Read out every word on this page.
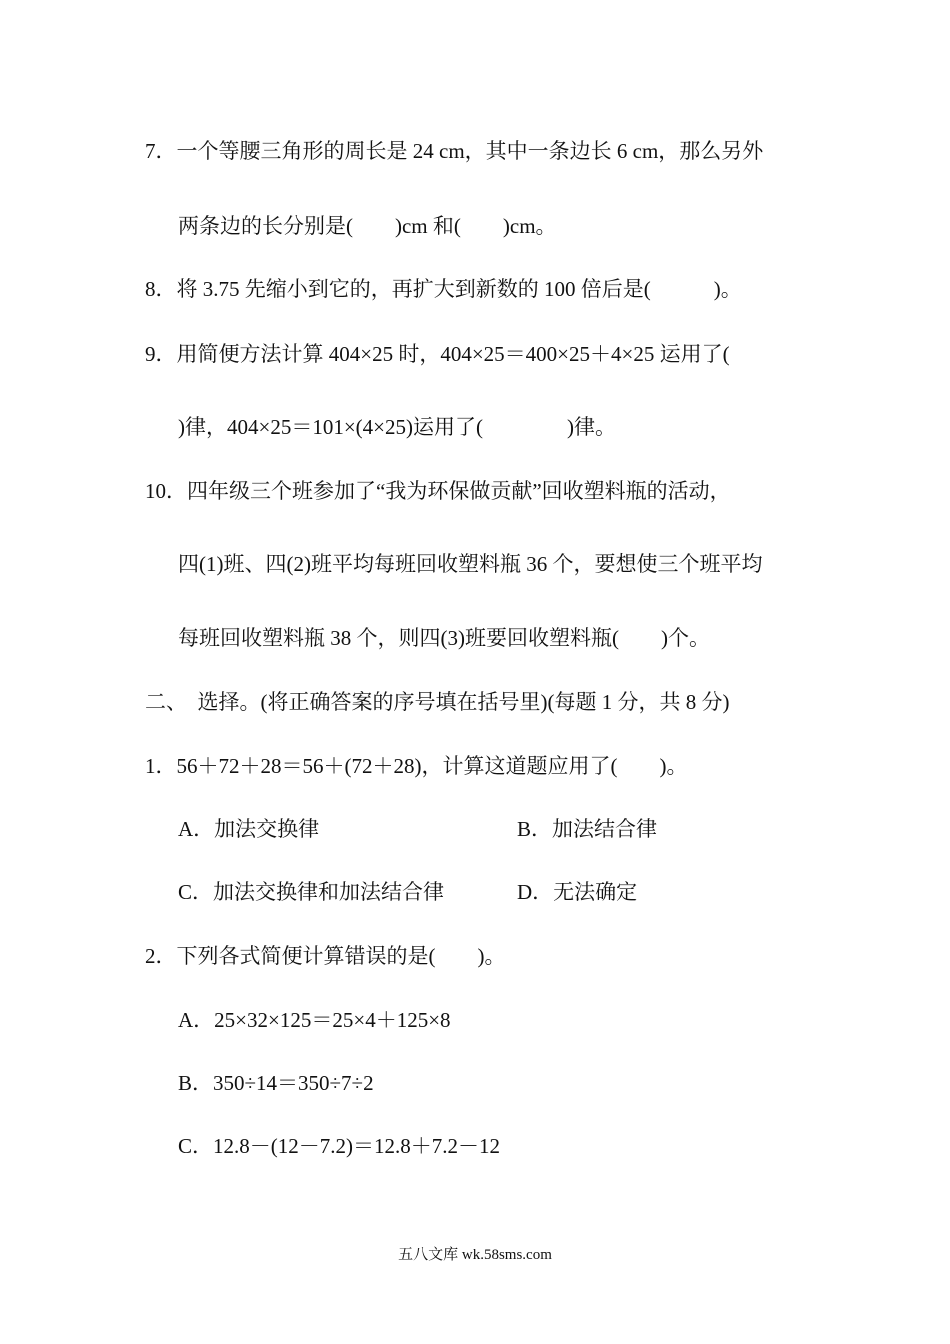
7．一个等腰三角形的周长是 24 cm，其中一条边长 6 cm，那么另外
两条边的长分别是(　　)cm 和(　　)cm。
8．将 3.75 先缩小到它的，再扩大到新数的 100 倍后是(　　　)。
9．用简便方法计算 404×25 时，404×25＝400×25＋4×25 运用了(
)律，404×25＝101×(4×25)运用了(　　　　)律。
10．四年级三个班参加了“我为环保做贡献”回收塑料瓶的活动，
四(1)班、四(2)班平均每班回收塑料瓶 36 个，要想使三个班平均
每班回收塑料瓶 38 个，则四(3)班要回收塑料瓶(　　)个。
二、　选择。(将正确答案的序号填在括号里)(每题 1 分，共 8 分)
1．56＋72＋28＝56＋(72＋28)，计算这道题应用了(　　)。
A．加法交换律	B．加法结合律
C．加法交换律和加法结合律	D．无法确定
2．下列各式简便计算错误的是(　　)。
A．25×32×125＝25×4＋125×8
B．350÷14＝350÷7÷2
C．12.8－(12－7.2)＝12.8＋7.2－12
五八文库 wk.58sms.com
